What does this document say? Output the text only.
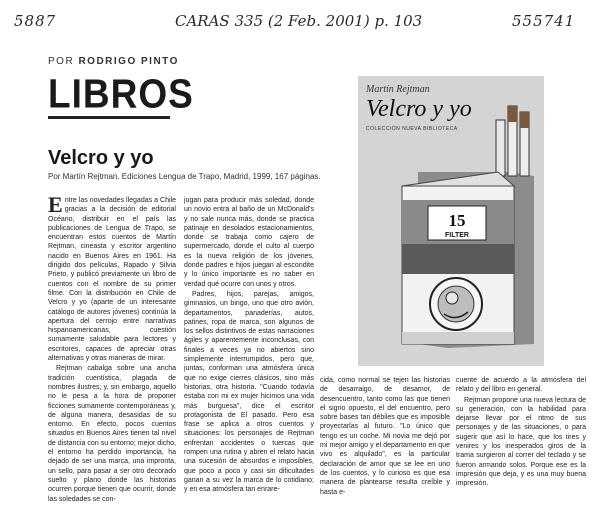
5887	CARAS 335 (2 Feb. 2001) p. 103	555741
POR RODRIGO PINTO
LIBROS
Velcro y yo
Por Martín Rejtman. Ediciones Lengua de Trapo, Madrid, 1999, 167 páginas.

Entre las novedades llegadas a Chile gracias a la decisión de editorial Océano, distribuir en el país las publicaciones de Lengua de Trapo, se encuentran estos cuentos de Martín Rejtman, cineasta y escritor argentino nacido en Buenos Aires en 1961. Ha dirigido dos películas, Rapado y Silvia Prieto, y publicó previamente un libro de cuentos con el nombre de su primer filme. Con la distribución en Chile de Velcro y yo (aparte de un interesante catálogo de autores jóvenes) continúa la apertura del cerrojo entre narrativas hispanoamericanas, cuestión sumamente saludable para lectores y escritores, capaces de apreciar otras alternativas y otras maneras de mirar.

Rejtman cabalga sobre una ancha tradición cuentística, plagada de nombres ilustres; y, sin embargo, aquello no le pesa a la hora de proponer ficciones sumamente contemporáneas y, de alguna manera, desasidas de su entorno. En efecto, pocos cuentos situados en Buenos Aires tienen tal nivel de distancia con su entorno; mejor dicho, el entorno ha perdido importancia, ha dejado de ser una marca, una impronta, un sello, para pasar a ser otro decorado suelto y plano donde las historias ocurren porque tienen que ocurrir, donde las soledades se con-

jugan para producir más soledad, donde un novio entra al baño de un McDonald's y no sale nunca más, donde se practica patinaje en desolados estacionamientos, donde se trabaja como cajero de supermercado, donde el culto al cuerpo es la nueva religión de los jóvenes, donde padres e hijos juegan al escondite y lo único importante es no saber en verdad qué ocurre con unos y otros.

Padres, hijos, parejas, amigos, gimnasios, un bingo, uno que otro avión, departamentos, panaderías, autos, patines, ropa de marca, son algunos de los sellos distintivos de estas narraciones ágiles y aparentemente inconclusas, con finales a veces ya no abiertos sino simplemente interrumpidos, pero que, juntas, conforman una atmósfera única que no exige cierres clásicos, sino más historias, otra historia. "Cuando todavía estaba con mi ex mujer hicimos una vida más burguesa", dice el escritor protagonista de El pasado. Pero esa frase se aplica a otros cuentos y situaciones: los personajes de Rejtman enfrentan accidentes o tuercas que rompen una rutina y abren el relato hacia una sucesión de absurdos e imposibles, que poco a poco y casi sin dificultades ganan a su vez la marca de lo cotidiano; y en esa atmósfera tan enrare-

cida, como normal se tejen las historias de desarraigo, de desamor, de desencuentro, tanto como las que tienen el signo opuesto, el del encuentro, pero sobre bases tan débiles que es imposible proyectarlas al futuro. "Lo único que tengo es un coche. Mi novia me dejó por mi mejor amigo y el departamento en que vivo es alquilado", es la particular declaración de amor que se lee en uno de los cuentos, y lo curioso es que esa manera de plantearse resulta creíble y hasta e-

cuente de acuerdo a la atmósfera del relato y del libro en general.

Rejtman propone una nueva lectura de su generación, con la habilidad para dejarse llevar por el ritmo de sus personajes y de las situaciones, o para sugerir que así lo hace, que los tires y venires y los inesperados giros de la trama surgieron al correr del teclado y se fueron armando solos. Porque ese es la impresión que deja, y es una muy buena impresión.

15
FILTER
Martín Rejtman
Velcro y yo
COLECCIÓN NUEVA BIBLIOTECA
